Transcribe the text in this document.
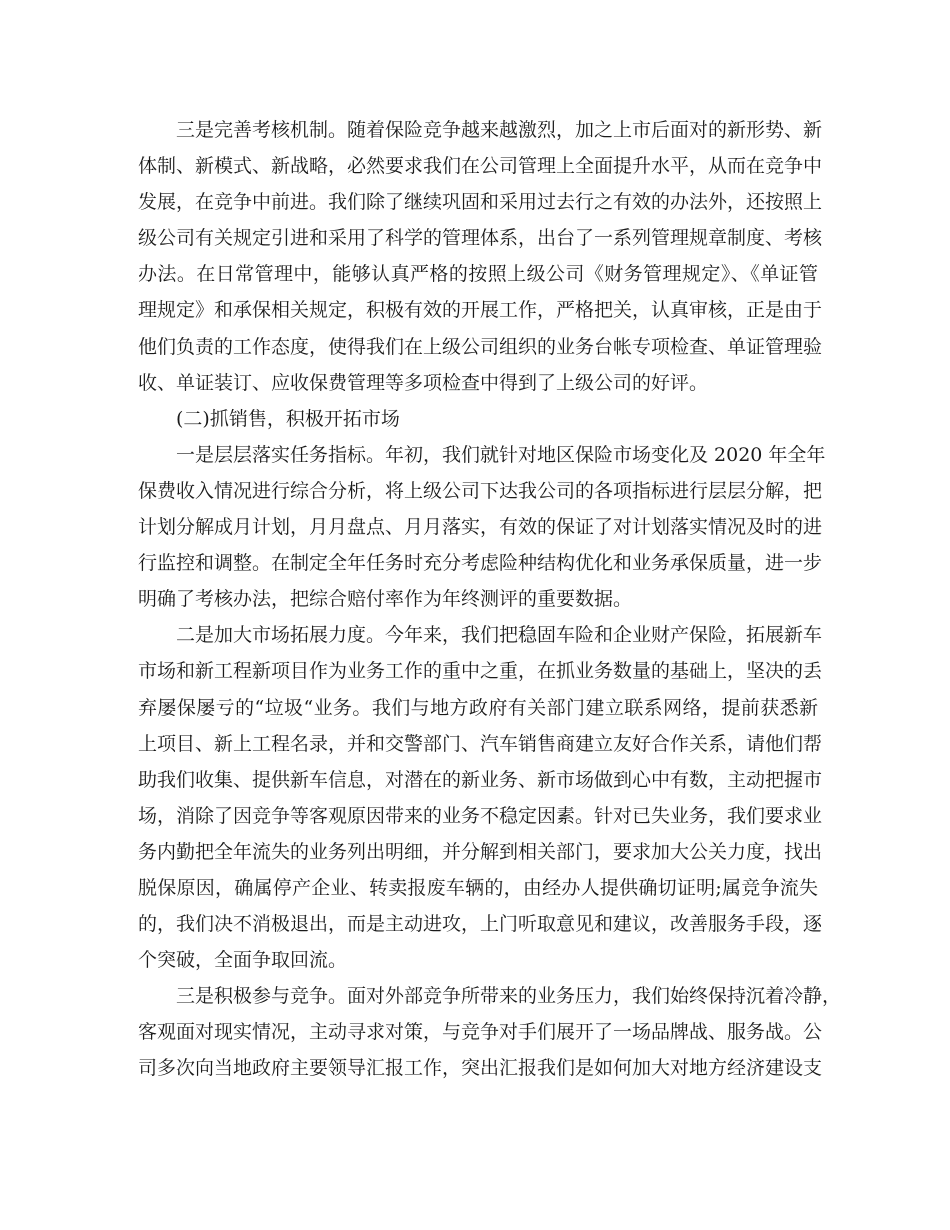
三是完善考核机制。随着保险竞争越来越激烈，加之上市后面对的新形势、新
体制、新模式、新战略，必然要求我们在公司管理上全面提升水平，从而在竞争中
发展，在竞争中前进。我们除了继续巩固和采用过去行之有效的办法外，还按照上
级公司有关规定引进和采用了科学的管理体系，出台了一系列管理规章制度、考核
办法。在日常管理中，能够认真严格的按照上级公司《财务管理规定》、《单证管
理规定》和承保相关规定，积极有效的开展工作，严格把关，认真审核，正是由于
他们负责的工作态度，使得我们在上级公司组织的业务台帐专项检查、单证管理验
收、单证装订、应收保费管理等多项检查中得到了上级公司的好评。
(二)抓销售，积极开拓市场
一是层层落实任务指标。年初，我们就针对地区保险市场变化及 2020 年全年
保费收入情况进行综合分析，将上级公司下达我公司的各项指标进行层层分解，把
计划分解成月计划，月月盘点、月月落实，有效的保证了对计划落实情况及时的进
行监控和调整。在制定全年任务时充分考虑险种结构优化和业务承保质量，进一步
明确了考核办法，把综合赔付率作为年终测评的重要数据。
二是加大市场拓展力度。今年来，我们把稳固车险和企业财产保险，拓展新车
市场和新工程新项目作为业务工作的重中之重，在抓业务数量的基础上，坚决的丢
弃屡保屡亏的“垃圾“业务。我们与地方政府有关部门建立联系网络，提前获悉新
上项目、新上工程名录，并和交警部门、汽车销售商建立友好合作关系，请他们帮
助我们收集、提供新车信息，对潜在的新业务、新市场做到心中有数，主动把握市
场，消除了因竞争等客观原因带来的业务不稳定因素。针对已失业务，我们要求业
务内勤把全年流失的业务列出明细，并分解到相关部门，要求加大公关力度，找出
脱保原因，确属停产企业、转卖报废车辆的，由经办人提供确切证明;属竞争流失
的，我们决不消极退出，而是主动进攻，上门听取意见和建议，改善服务手段，逐
个突破，全面争取回流。
三是积极参与竞争。面对外部竞争所带来的业务压力，我们始终保持沉着冷静，
客观面对现实情况，主动寻求对策，与竞争对手们展开了一场品牌战、服务战。公
司多次向当地政府主要领导汇报工作，突出汇报我们是如何加大对地方经济建设支
